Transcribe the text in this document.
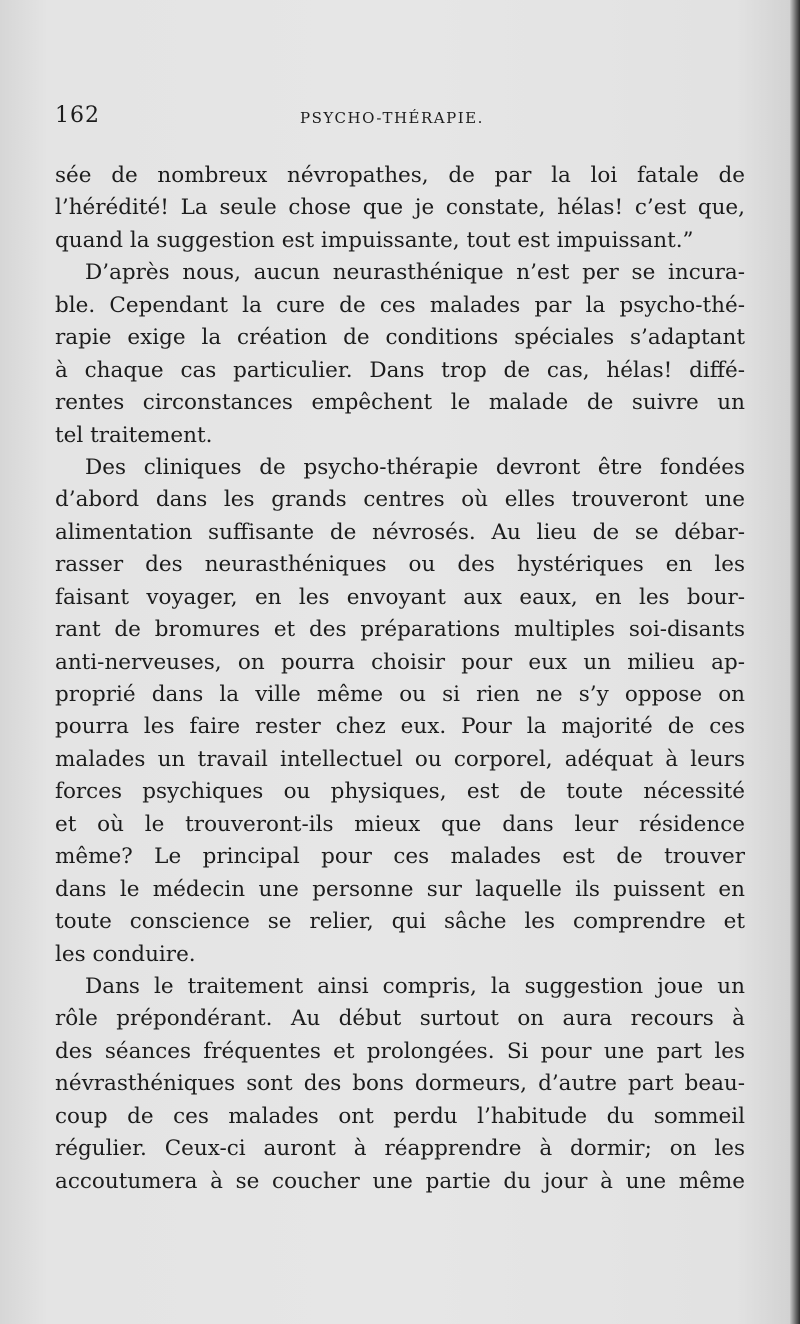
162	PSYCHO-THÉRAPIE.
sée de nombreux névropathes, de par la loi fatale de
l’hérédité! La seule chose que je constate, hélas! c’est que,
quand la suggestion est impuissante, tout est impuissant.”
D’après nous, aucun neurasthénique n’est per se incura-
ble. Cependant la cure de ces malades par la psycho-thé-
rapie exige la création de conditions spéciales s’adaptant
à chaque cas particulier. Dans trop de cas, hélas! diffé-
rentes circonstances empêchent le malade de suivre un
tel traitement.
Des cliniques de psycho-thérapie devront être fondées
d’abord dans les grands centres où elles trouveront une
alimentation suffisante de névrosés. Au lieu de se débar-
rasser des neurasthéniques ou des hystériques en les
faisant voyager, en les envoyant aux eaux, en les bour-
rant de bromures et des préparations multiples soi-disants
anti-nerveuses, on pourra choisir pour eux un milieu ap-
proprié dans la ville même ou si rien ne s’y oppose on
pourra les faire rester chez eux. Pour la majorité de ces
malades un travail intellectuel ou corporel, adéquat à leurs
forces psychiques ou physiques, est de toute nécessité
et où le trouveront-ils mieux que dans leur résidence
même? Le principal pour ces malades est de trouver
dans le médecin une personne sur laquelle ils puissent en
toute conscience se relier, qui sâche les comprendre et
les conduire.
Dans le traitement ainsi compris, la suggestion joue un
rôle prépondérant. Au début surtout on aura recours à
des séances fréquentes et prolongées. Si pour une part les
névrasthéniques sont des bons dormeurs, d’autre part beau-
coup de ces malades ont perdu l’habitude du sommeil
régulier. Ceux-ci auront à réapprendre à dormir; on les
accoutumera à se coucher une partie du jour à une même
